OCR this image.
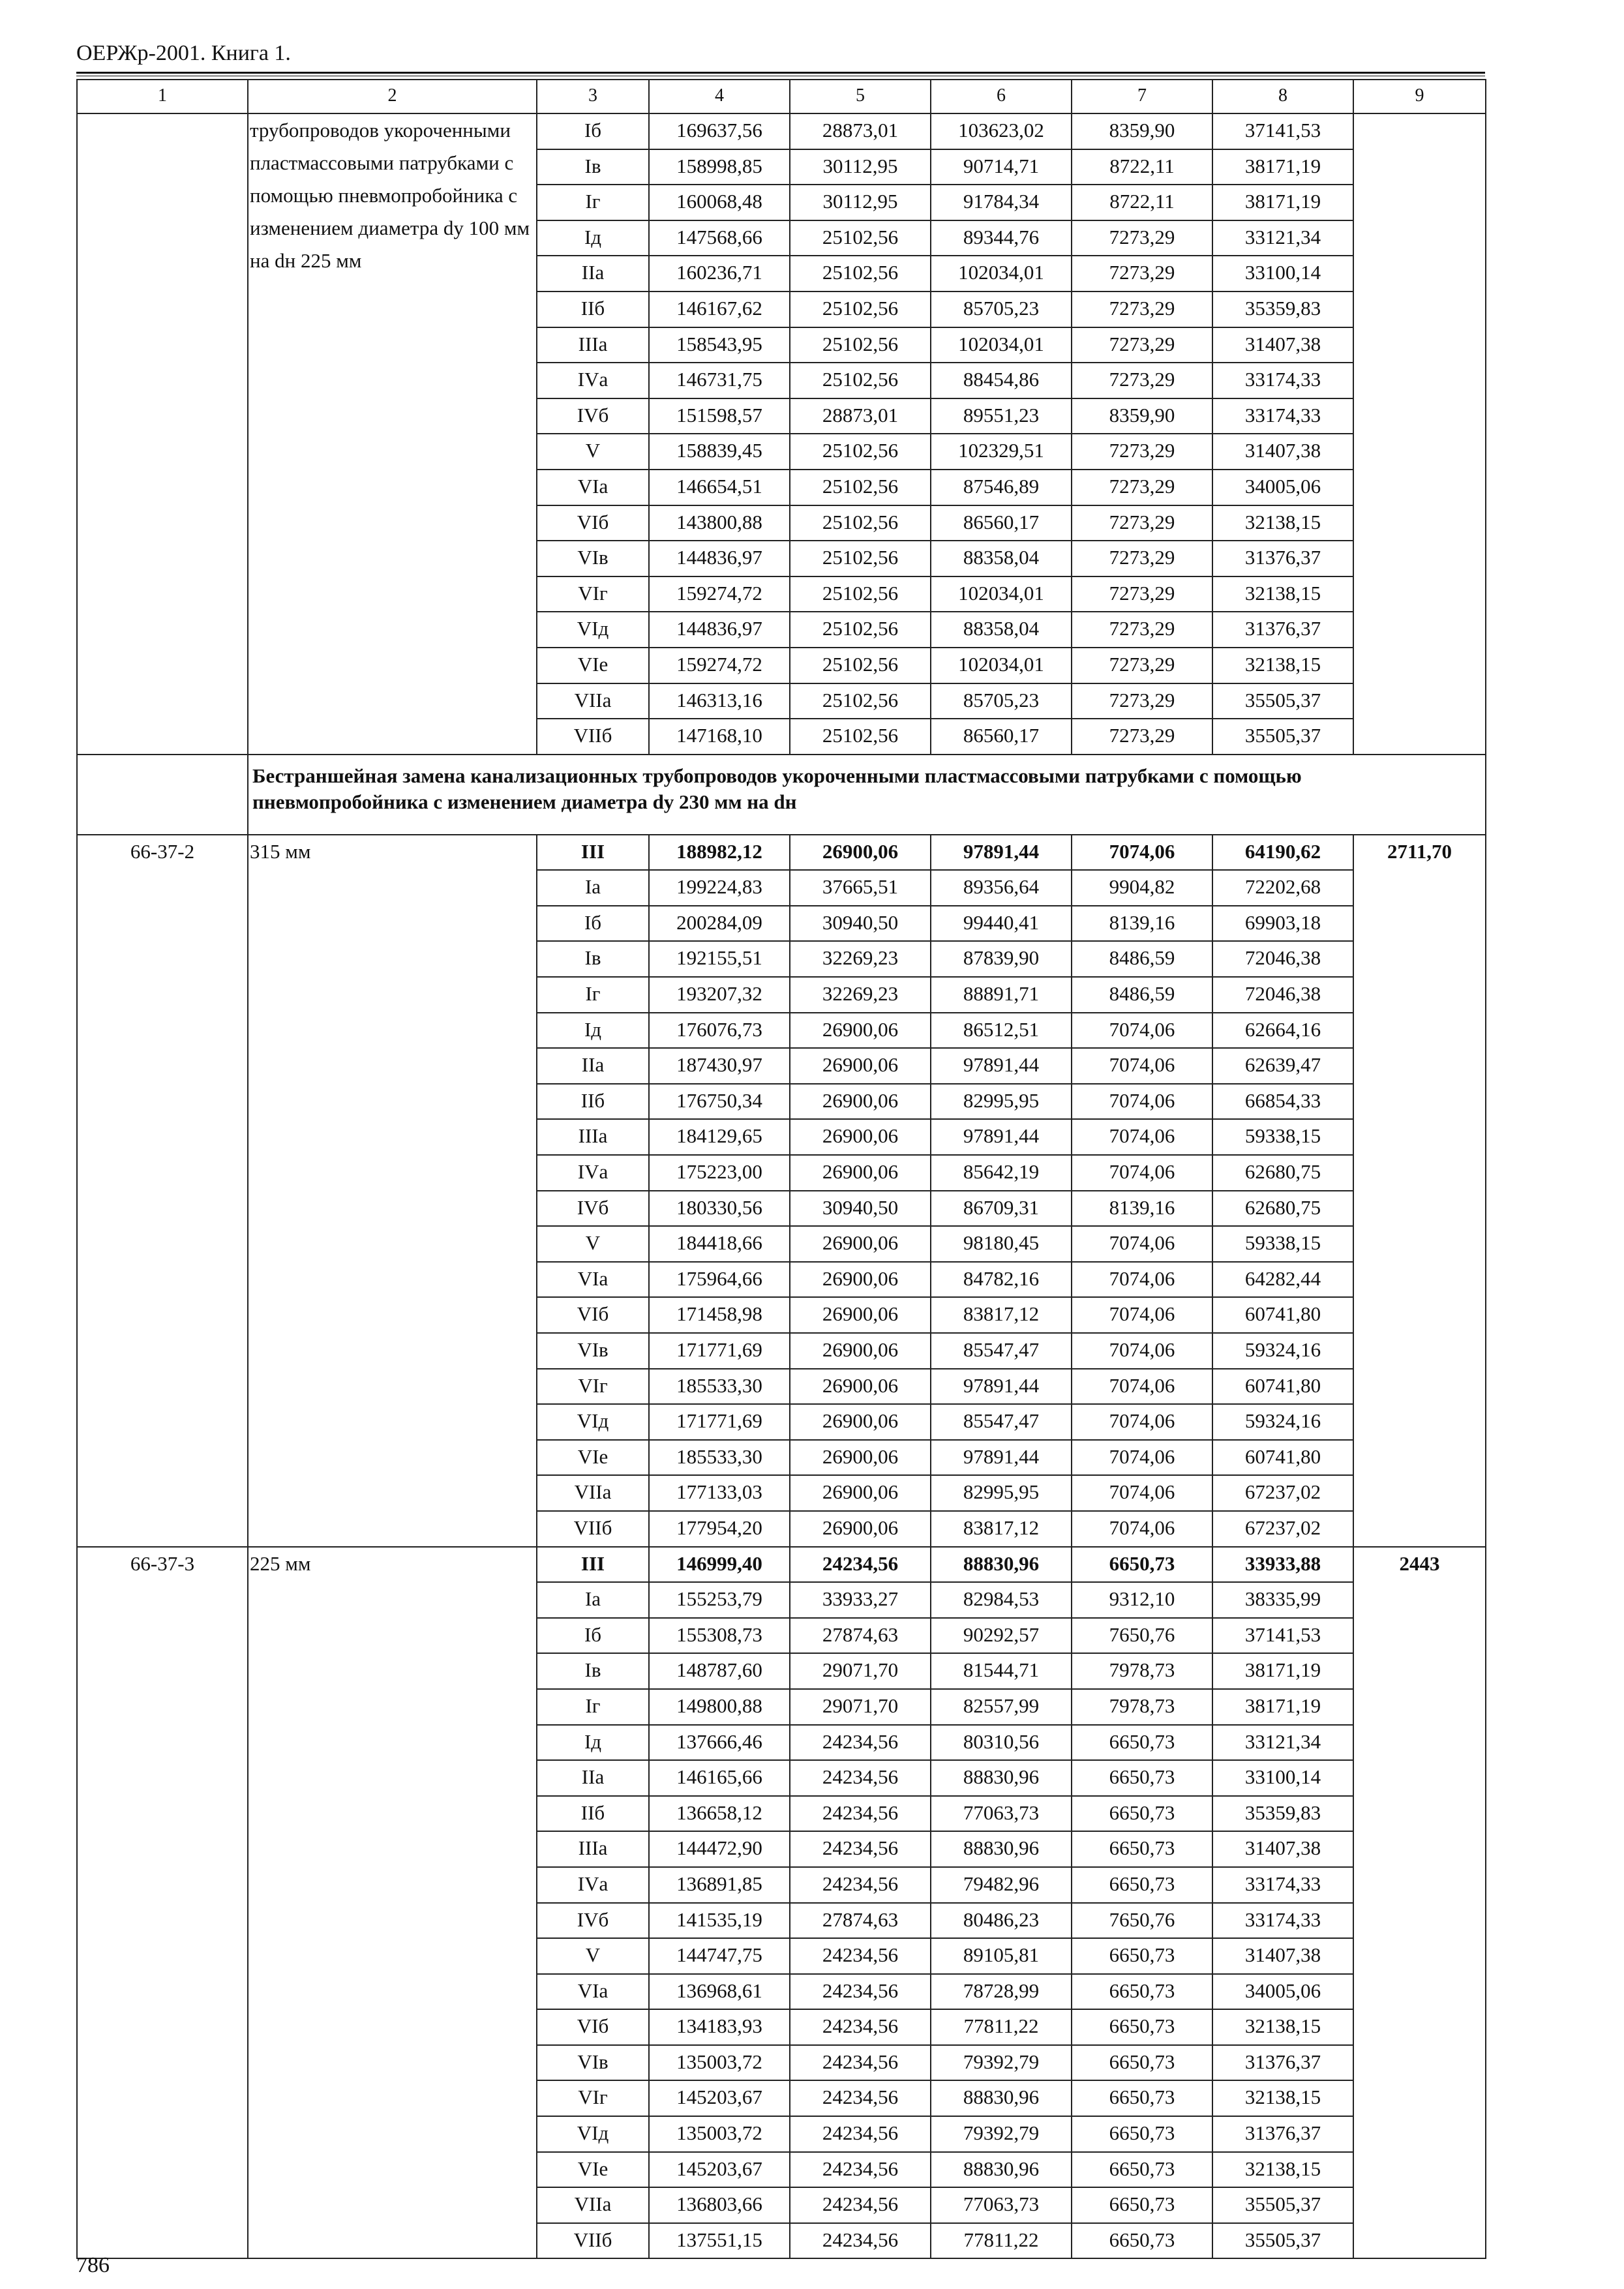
ОЕРЖр-2001. Книга 1.
1	2	3	4	5	6	7	8	9
	трубопроводов укороченными пластмассовыми патрубками с помощью пневмопробойника с изменением диаметра dу 100 мм на dн 225 мм	Iб	169637,56	28873,01	103623,02	8359,90	37141,53	
		Iв	158998,85	30112,95	90714,71	8722,11	38171,19	
		Iг	160068,48	30112,95	91784,34	8722,11	38171,19	
		Iд	147568,66	25102,56	89344,76	7273,29	33121,34	
		IIа	160236,71	25102,56	102034,01	7273,29	33100,14	
		IIб	146167,62	25102,56	85705,23	7273,29	35359,83	
		IIIа	158543,95	25102,56	102034,01	7273,29	31407,38	
		IVа	146731,75	25102,56	88454,86	7273,29	33174,33	
		IVб	151598,57	28873,01	89551,23	8359,90	33174,33	
		V	158839,45	25102,56	102329,51	7273,29	31407,38	
		VIа	146654,51	25102,56	87546,89	7273,29	34005,06	
		VIб	143800,88	25102,56	86560,17	7273,29	32138,15	
		VIв	144836,97	25102,56	88358,04	7273,29	31376,37	
		VIг	159274,72	25102,56	102034,01	7273,29	32138,15	
		VIд	144836,97	25102,56	88358,04	7273,29	31376,37	
		VIе	159274,72	25102,56	102034,01	7273,29	32138,15	
		VIIа	146313,16	25102,56	85705,23	7273,29	35505,37	
		VIIб	147168,10	25102,56	86560,17	7273,29	35505,37	
	Бестраншейная замена канализационных трубопроводов укороченными пластмассовыми патрубками с помощью пневмопробойника с изменением диаметра dу 230 мм на dн							
66-37-2	315 мм	III	188982,12	26900,06	97891,44	7074,06	64190,62	2711,70
		Iа	199224,83	37665,51	89356,64	9904,82	72202,68	
		Iб	200284,09	30940,50	99440,41	8139,16	69903,18	
		Iв	192155,51	32269,23	87839,90	8486,59	72046,38	
		Iг	193207,32	32269,23	88891,71	8486,59	72046,38	
		Iд	176076,73	26900,06	86512,51	7074,06	62664,16	
		IIа	187430,97	26900,06	97891,44	7074,06	62639,47	
		IIб	176750,34	26900,06	82995,95	7074,06	66854,33	
		IIIа	184129,65	26900,06	97891,44	7074,06	59338,15	
		IVа	175223,00	26900,06	85642,19	7074,06	62680,75	
		IVб	180330,56	30940,50	86709,31	8139,16	62680,75	
		V	184418,66	26900,06	98180,45	7074,06	59338,15	
		VIа	175964,66	26900,06	84782,16	7074,06	64282,44	
		VIб	171458,98	26900,06	83817,12	7074,06	60741,80	
		VIв	171771,69	26900,06	85547,47	7074,06	59324,16	
		VIг	185533,30	26900,06	97891,44	7074,06	60741,80	
		VIд	171771,69	26900,06	85547,47	7074,06	59324,16	
		VIе	185533,30	26900,06	97891,44	7074,06	60741,80	
		VIIа	177133,03	26900,06	82995,95	7074,06	67237,02	
		VIIб	177954,20	26900,06	83817,12	7074,06	67237,02	
66-37-3	225 мм	III	146999,40	24234,56	88830,96	6650,73	33933,88	2443
		Iа	155253,79	33933,27	82984,53	9312,10	38335,99	
		Iб	155308,73	27874,63	90292,57	7650,76	37141,53	
		Iв	148787,60	29071,70	81544,71	7978,73	38171,19	
		Iг	149800,88	29071,70	82557,99	7978,73	38171,19	
		Iд	137666,46	24234,56	80310,56	6650,73	33121,34	
		IIа	146165,66	24234,56	88830,96	6650,73	33100,14	
		IIб	136658,12	24234,56	77063,73	6650,73	35359,83	
		IIIа	144472,90	24234,56	88830,96	6650,73	31407,38	
		IVа	136891,85	24234,56	79482,96	6650,73	33174,33	
		IVб	141535,19	27874,63	80486,23	7650,76	33174,33	
		V	144747,75	24234,56	89105,81	6650,73	31407,38	
		VIа	136968,61	24234,56	78728,99	6650,73	34005,06	
		VIб	134183,93	24234,56	77811,22	6650,73	32138,15	
		VIв	135003,72	24234,56	79392,79	6650,73	31376,37	
		VIг	145203,67	24234,56	88830,96	6650,73	32138,15	
		VIд	135003,72	24234,56	79392,79	6650,73	31376,37	
		VIе	145203,67	24234,56	88830,96	6650,73	32138,15	
		VIIа	136803,66	24234,56	77063,73	6650,73	35505,37	
		VIIб	137551,15	24234,56	77811,22	6650,73	35505,37	
786
